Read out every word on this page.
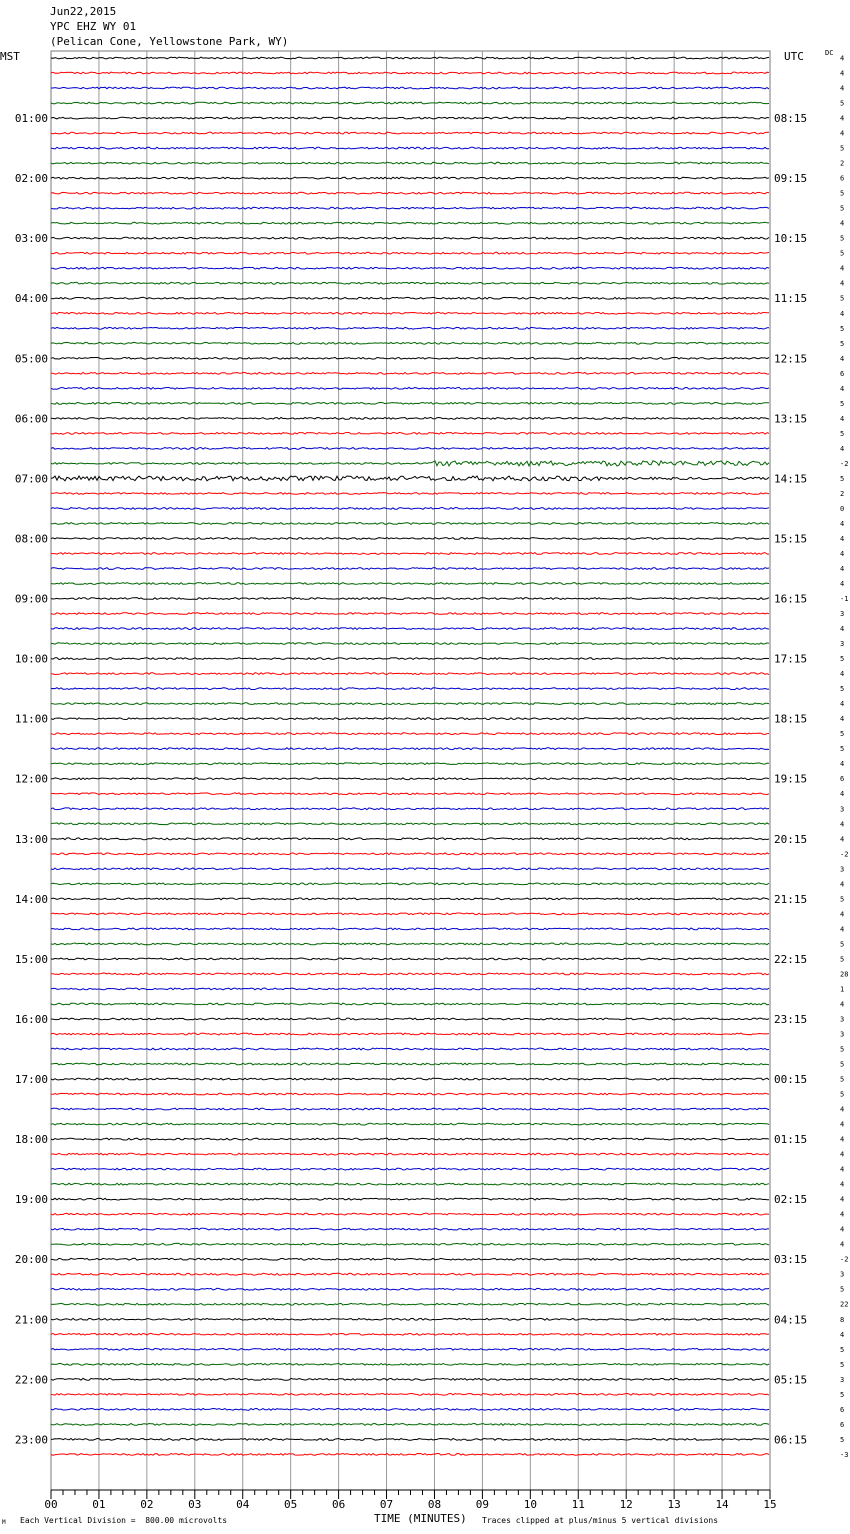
Jun22,2015
YPC EHZ WY 01
(Pelican Cone, Yellowstone Park, WY)
MST	UTC	DC
4
4
4
5
4
4
5
2
6
5
5
4
5
5
4
4
5
4
5
5
4
6
4
5
4
5
4
-2
5
2
0
4
4
4
4
4
-1
3
4
3
5
4
5
4
4
5
5
4
6
4
3
4
4
-2
3
4
5
4
4
5
5
28
1
4
3
3
5
5
5
5
4
4
4
4
4
4
4
4
4
4
-2
3
5
22
8
4
5
5
3
5
6
6
5
-3
00	01	02	03	04	05	06	07	08	09	10	11	12	13	14	15
01:00
02:00
03:00
04:00
05:00
06:00
07:00
08:00
09:00
10:00
11:00
12:00
13:00
14:00
15:00
16:00
17:00
18:00
19:00
20:00
21:00
22:00
23:00
08:15
09:15
10:15
11:15
12:15
13:15
14:15
15:15
16:15
17:15
18:15
19:15
20:15
21:15
22:15
23:15
00:15
01:15
02:15
03:15
04:15
05:15
06:15
TIME (MINUTES)
Each Vertical Division =  800.00 microvolts	Traces clipped at plus/minus 5 vertical divisions
M
